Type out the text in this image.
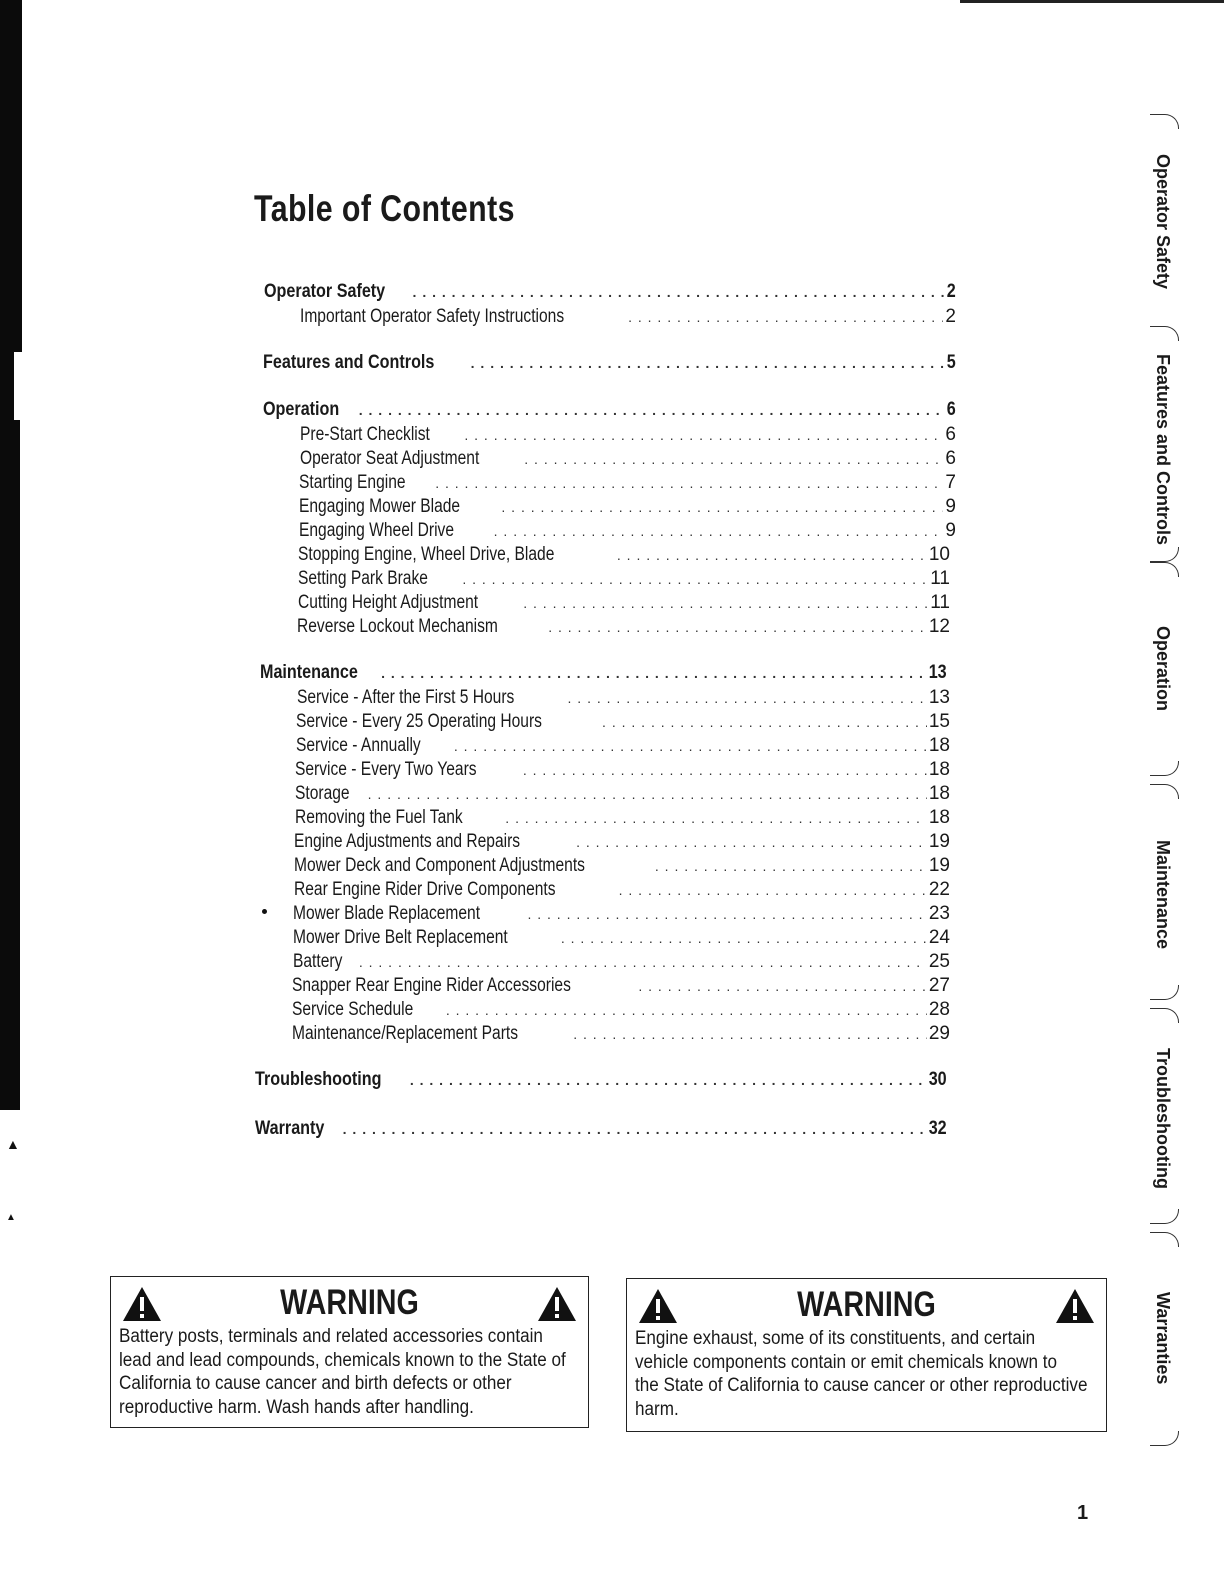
▲
▲
Table of Contents
Operator Safety . . .	2
Important Operator Safety Instructions . . .	2
Features and Controls . . .	5
Operation . . .	6
Pre-Start Checklist . . .	6
Operator Seat Adjustment . . .	6
Starting Engine . . .	7
Engaging Mower Blade . . .	9
Engaging Wheel Drive . . .	9
Stopping Engine, Wheel Drive, Blade . . .	10
Setting Park Brake . . .	11
Cutting Height Adjustment . . .	11
Reverse Lockout Mechanism . . .	12
Maintenance . . .	13
Service - After the First 5 Hours . . .	13
Service - Every 25 Operating Hours . . .	15
Service - Annually . . .	18
Service - Every Two Years . . .	18
Storage . . .	18
Removing the Fuel Tank . . .	18
Engine Adjustments and Repairs . . .	19
Mower Deck and Component Adjustments . . .	19
Rear Engine Rider Drive Components . . .	22
Mower Blade Replacement . . .	23
Mower Drive Belt Replacement . . .	24
Battery . . .	25
Snapper Rear Engine Rider Accessories . . .	27
Service Schedule . . .	28
Maintenance/Replacement Parts . . .	29
Troubleshooting . . .	30
Warranty . . .	32
WARNING
Battery posts, terminals and related accessories contain
lead and lead compounds, chemicals known to the State of
California to cause cancer and birth defects or other
reproductive harm. Wash hands after handling.
WARNING
Engine exhaust, some of its constituents, and certain
vehicle components contain or emit chemicals known to
the State of California to cause cancer or other reproductive
harm.
Operator Safety
Features and Controls
Operation
Maintenance
Troubleshooting
Warranties
1
